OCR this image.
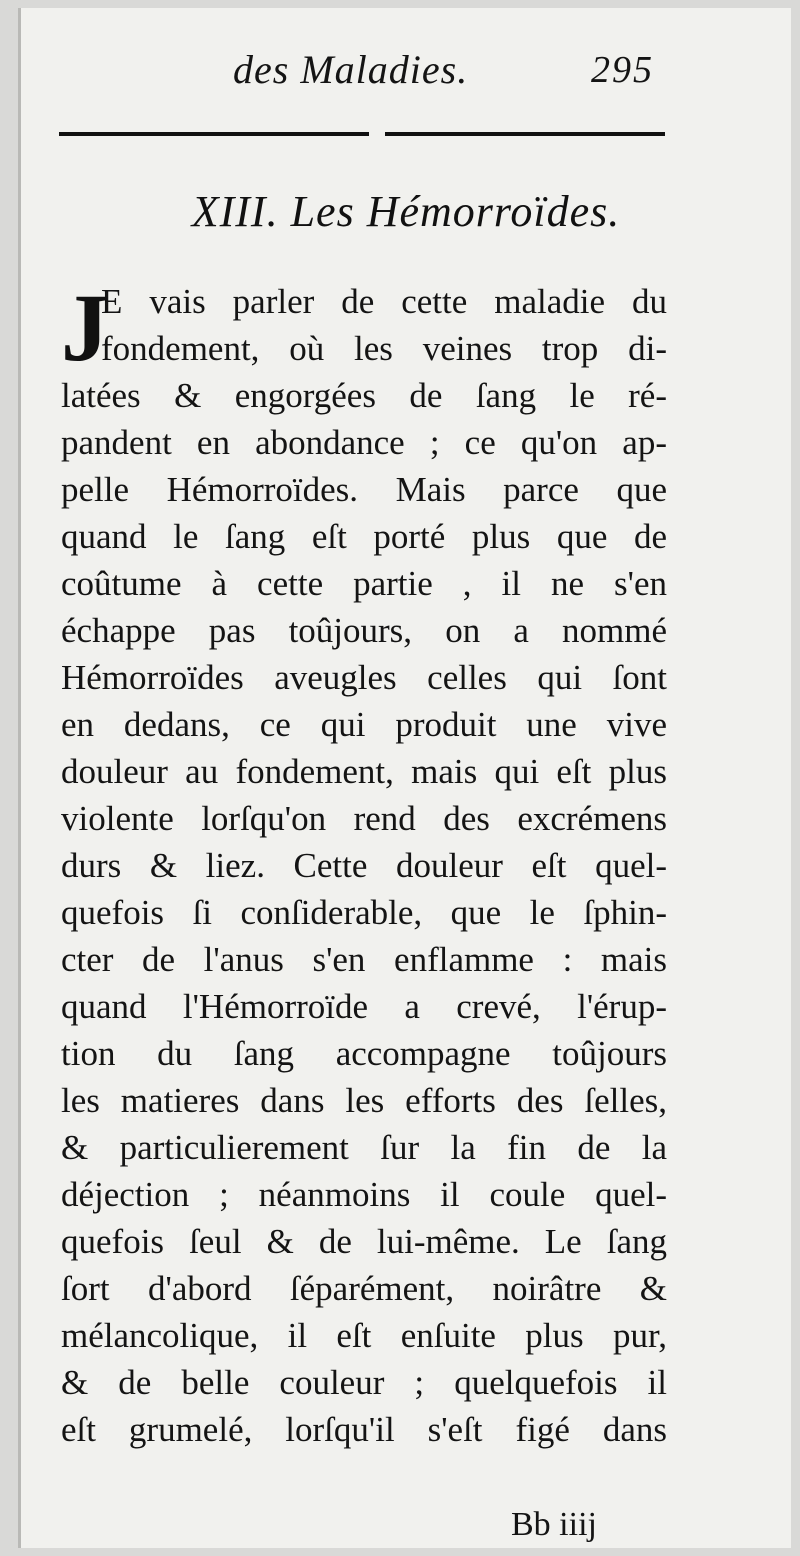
des Maladies.	295
XIII. Les Hémorroïdes.
J
E vais parler de cette maladie du
fondement, où les veines trop di-
latées & engorgées de ſang le ré-
pandent en abondance ; ce qu'on ap-
pelle Hémorroïdes. Mais parce que
quand le ſang eſt porté plus que de
coûtume à cette partie , il ne s'en
échappe pas toûjours, on a nommé
Hémorroïdes aveugles celles qui ſont
en dedans, ce qui produit une vive
douleur au fondement, mais qui eſt plus
violente lorſqu'on rend des excrémens
durs & liez. Cette douleur eſt quel-
quefois ſi conſiderable, que le ſphin-
cter de l'anus s'en enflamme : mais
quand l'Hémorroïde a crevé, l'érup-
tion du ſang accompagne toûjours
les matieres dans les efforts des ſelles,
& particulierement ſur la fin de la
déjection ; néanmoins il coule quel-
quefois ſeul & de lui-même. Le ſang
ſort d'abord ſéparément, noirâtre &
mélancolique, il eſt enſuite plus pur,
& de belle couleur ; quelquefois il
eſt grumelé, lorſqu'il s'eſt figé dans
Bb iiij
